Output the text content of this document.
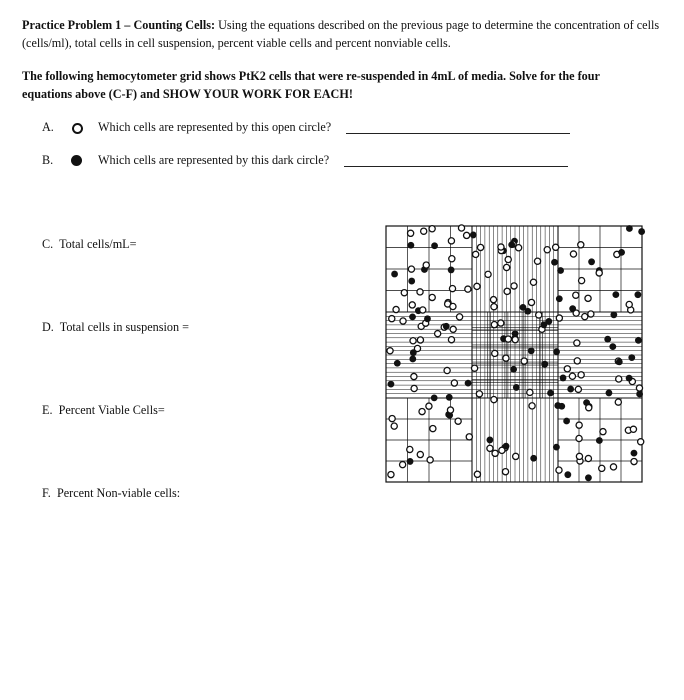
Practice Problem 1 – Counting Cells: Using the equations described on the previous page to determine the concentration of cells (cells/ml), total cells in cell suspension, percent viable cells and percent nonviable cells.
The following hemocytometer grid shows PtK2 cells that were re-suspended in 4mL of media. Solve for the four equations above (C-F) and SHOW YOUR WORK FOR EACH!
A.	Which cells are represented by this open circle?
B.	Which cells are represented by this dark circle?
C. Total cells/mL=
D. Total cells in suspension =
E. Percent Viable Cells=
F. Percent Non-viable cells:
